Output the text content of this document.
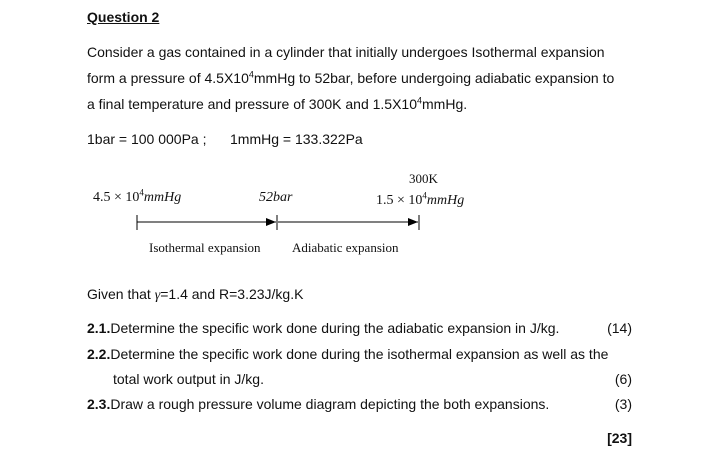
Question 2
Consider a gas contained in a cylinder that initially undergoes Isothermal expansion
form a pressure of $4.5X10^4mmHg$ to 52bar, before undergoing adiabatic expansion to
a final temperature and pressure of 300K and $1.5X10^4mmHg$.
1bar = 100 000Pa ; 1mmHg = 133.322Pa
$4.5 \times 10^4mmHg$	52bar
300K
$1.5 \times 10^4mmHg$
Isothermal expansion Adiabatic expansion
Given that γ=1.4 and R=3.23J/kg.K
2.1.Determine the specific work done during the adiabatic expansion in J/kg.	(14)
2.2.Determine the specific work done during the isothermal expansion as well as the
total work output in J/kg.	(6)
2.3.Draw a rough pressure volume diagram depicting the both expansions.	(3)
[23]
